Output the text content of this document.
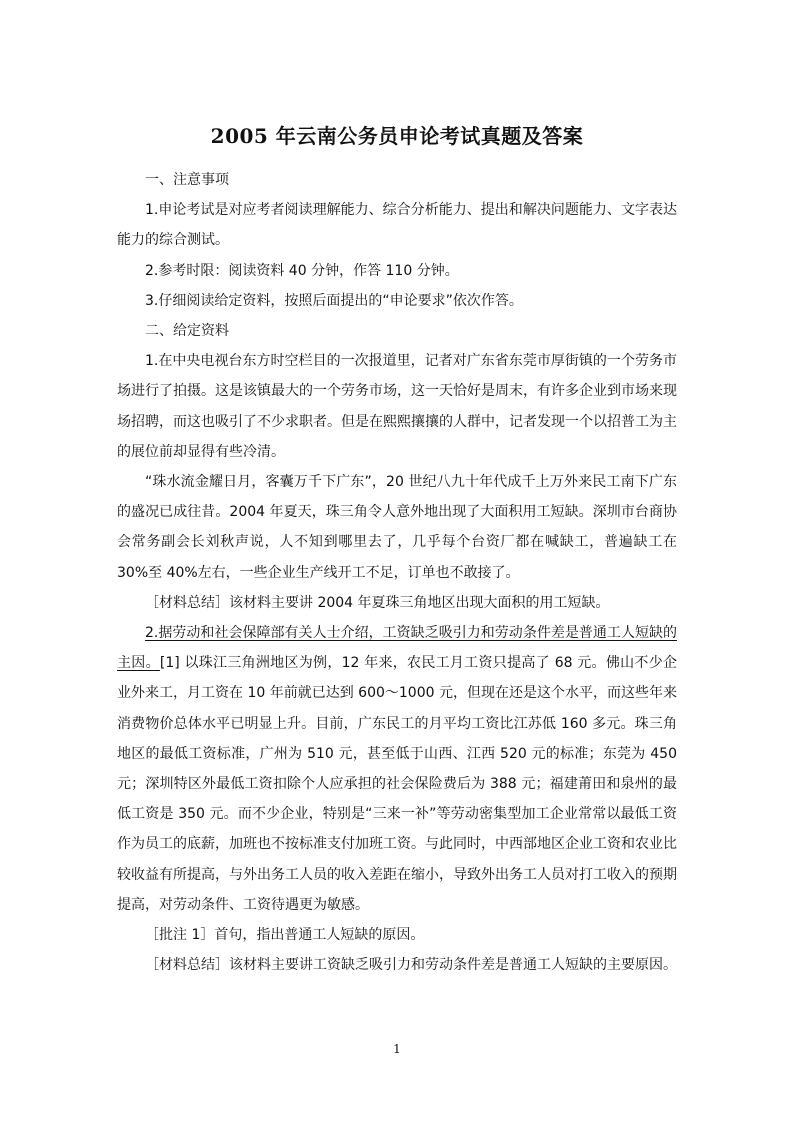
2005 年云南公务员申论考试真题及答案

一、注意事项

1.申论考试是对应考者阅读理解能力、综合分析能力、提出和解决问题能力、文字表达能力的综合测试。

2.参考时限：阅读资料 40 分钟，作答 110 分钟。

3.仔细阅读给定资料，按照后面提出的“申论要求”依次作答。

二、给定资料

1.在中央电视台东方时空栏目的一次报道里，记者对广东省东莞市厚街镇的一个劳务市场进行了拍摄。这是该镇最大的一个劳务市场，这一天恰好是周末，有许多企业到市场来现场招聘，而这也吸引了不少求职者。但是在熙熙攘攘的人群中，记者发现一个以招普工为主的展位前却显得有些冷清。

“珠水流金耀日月，客囊万千下广东”，20 世纪八九十年代成千上万外来民工南下广东的盛况已成往昔。2004 年夏天，珠三角令人意外地出现了大面积用工短缺。深圳市台商协会常务副会长刘秋声说，人不知到哪里去了，几乎每个台资厂都在喊缺工，普遍缺工在 30%至 40%左右，一些企业生产线开工不足，订单也不敢接了。

［材料总结］该材料主要讲 2004 年夏珠三角地区出现大面积的用工短缺。

2.据劳动和社会保障部有关人士介绍，工资缺乏吸引力和劳动条件差是普通工人短缺的主因。[1] 以珠江三角洲地区为例，12 年来，农民工月工资只提高了 68 元。佛山不少企业外来工，月工资在 10 年前就已达到 600～1000 元，但现在还是这个水平，而这些年来消费物价总体水平已明显上升。目前，广东民工的月平均工资比江苏低 160 多元。珠三角地区的最低工资标准，广州为 510 元，甚至低于山西、江西 520 元的标准；东莞为 450 元；深圳特区外最低工资扣除个人应承担的社会保险费后为 388 元；福建莆田和泉州的最低工资是 350 元。而不少企业，特别是“三来一补”等劳动密集型加工企业常常以最低工资作为员工的底薪，加班也不按标准支付加班工资。与此同时，中西部地区企业工资和农业比较收益有所提高，与外出务工人员的收入差距在缩小，导致外出务工人员对打工收入的预期提高，对劳动条件、工资待遇更为敏感。

［批注 1］首句，指出普通工人短缺的原因。

［材料总结］该材料主要讲工资缺乏吸引力和劳动条件差是普通工人短缺的主要原因。

1
